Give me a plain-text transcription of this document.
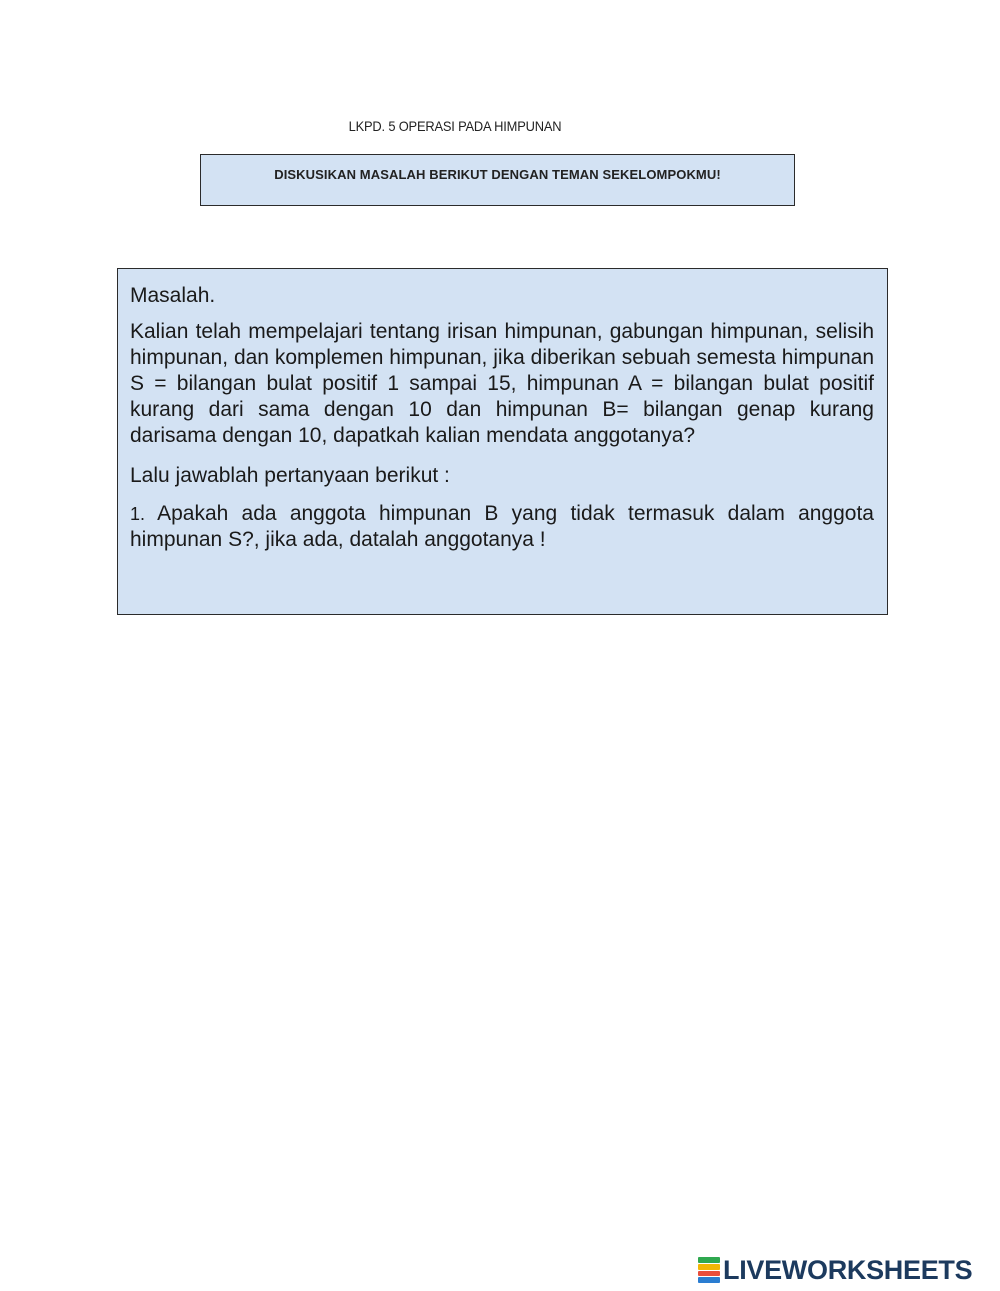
LKPD. 5 OPERASI PADA HIMPUNAN
DISKUSIKAN MASALAH BERIKUT DENGAN TEMAN SEKELOMPOKMU!

Masalah.

Kalian telah mempelajari tentang irisan himpunan, gabungan himpunan, selisih himpunan, dan komplemen himpunan, jika diberikan sebuah semesta himpunan S = bilangan bulat positif 1 sampai 15, himpunan A = bilangan bulat positif kurang dari sama dengan 10 dan himpunan B= bilangan genap kurang darisama dengan 10, dapatkah kalian mendata anggotanya?

Lalu jawablah pertanyaan berikut :

1. Apakah ada anggota himpunan B yang tidak termasuk dalam anggota himpunan S?, jika ada, datalah anggotanya !

LIVEWORKSHEETS
